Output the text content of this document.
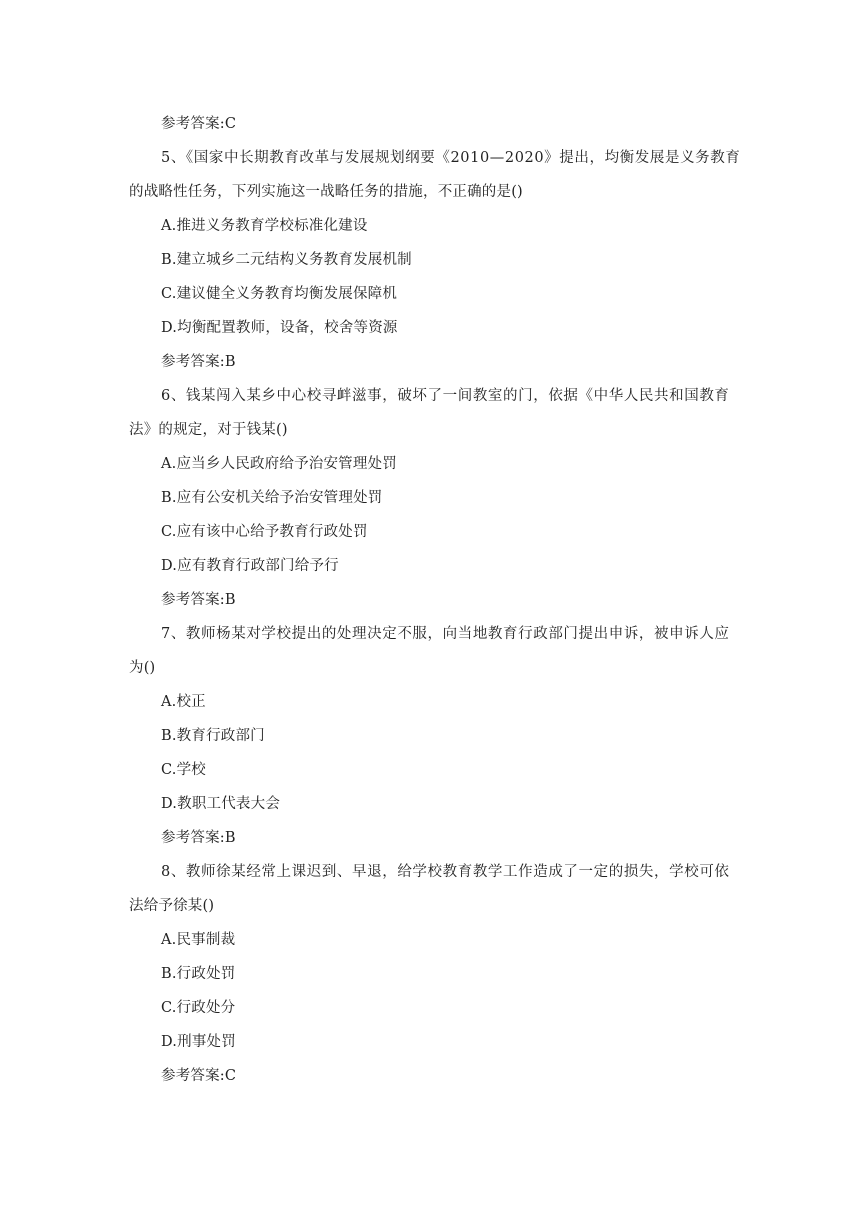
参考答案:C
5、《国家中长期教育改革与发展规划纲要《2010—2020》提出，均衡发展是义务教育
的战略性任务，下列实施这一战略任务的措施，不正确的是()
A.推进义务教育学校标准化建设
B.建立城乡二元结构义务教育发展机制
C.建议健全义务教育均衡发展保障机
D.均衡配置教师，设备，校舍等资源
参考答案:B
6、钱某闯入某乡中心校寻衅滋事，破坏了一间教室的门，依据《中华人民共和国教育
法》的规定，对于钱某()
A.应当乡人民政府给予治安管理处罚
B.应有公安机关给予治安管理处罚
C.应有该中心给予教育行政处罚
D.应有教育行政部门给予行
参考答案:B
7、教师杨某对学校提出的处理决定不服，向当地教育行政部门提出申诉，被申诉人应
为()
A.校正
B.教育行政部门
C.学校
D.教职工代表大会
参考答案:B
8、教师徐某经常上课迟到、早退，给学校教育教学工作造成了一定的损失，学校可依
法给予徐某()
A.民事制裁
B.行政处罚
C.行政处分
D.刑事处罚
参考答案:C
